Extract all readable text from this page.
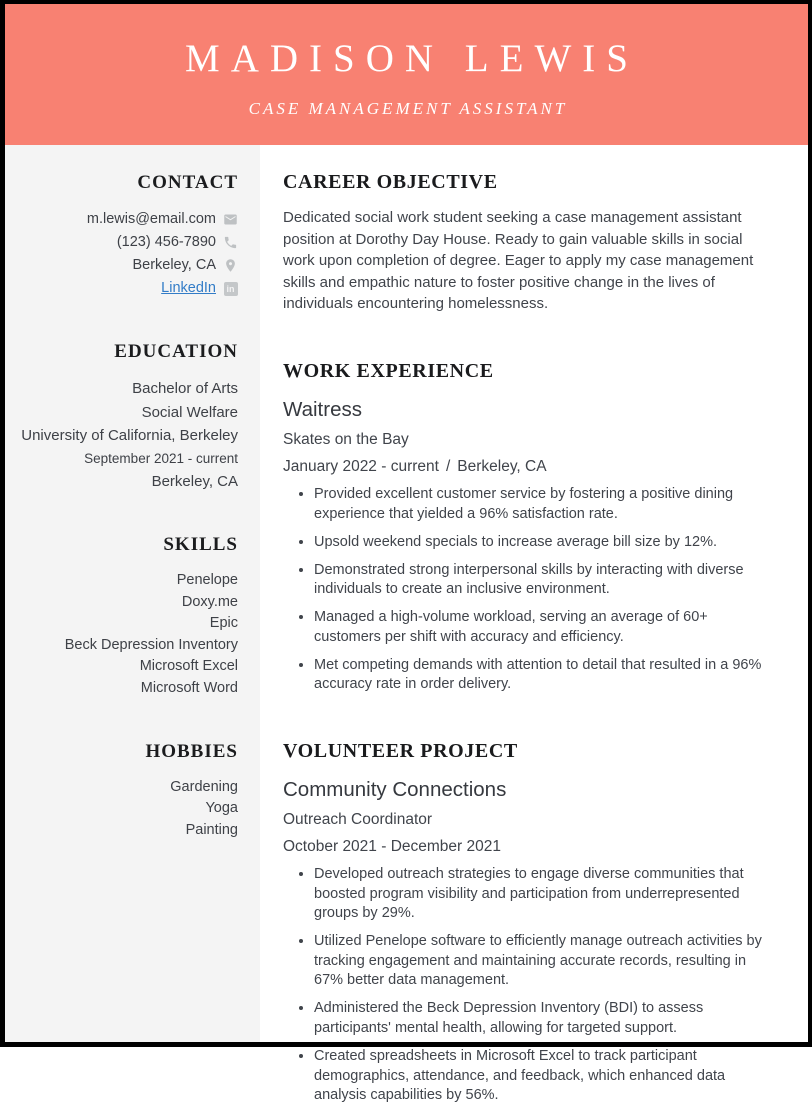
MADISON LEWIS
CASE MANAGEMENT ASSISTANT
CONTACT
m.lewis@email.com
(123) 456-7890
Berkeley, CA
LinkedIn	in
EDUCATION
Bachelor of Arts
Social Welfare
University of California, Berkeley
September 2021 - current
Berkeley, CA
SKILLS
Penelope
Doxy.me
Epic
Beck Depression Inventory
Microsoft Excel
Microsoft Word
HOBBIES
Gardening
Yoga
Painting
CAREER OBJECTIVE

Dedicated social work student seeking a case management assistant position at Dorothy Day House. Ready to gain valuable skills in social work upon completion of degree. Eager to apply my case management skills and empathic nature to foster positive change in the lives of individuals encountering homelessness.

WORK EXPERIENCE
Waitress
Skates on the Bay
January 2022 - current / Berkeley, CA
• Provided excellent customer service by fostering a positive dining experience that yielded a 96% satisfaction rate.
• Upsold weekend specials to increase average bill size by 12%.
• Demonstrated strong interpersonal skills by interacting with diverse individuals to create an inclusive environment.
• Managed a high-volume workload, serving an average of 60+ customers per shift with accuracy and efficiency.
• Met competing demands with attention to detail that resulted in a 96% accuracy rate in order delivery.
VOLUNTEER PROJECT
Community Connections
Outreach Coordinator
October 2021 - December 2021
• Developed outreach strategies to engage diverse communities that boosted program visibility and participation from underrepresented groups by 29%.
• Utilized Penelope software to efficiently manage outreach activities by tracking engagement and maintaining accurate records, resulting in 67% better data management.
• Administered the Beck Depression Inventory (BDI) to assess participants' mental health, allowing for targeted support.
• Created spreadsheets in Microsoft Excel to track participant demographics, attendance, and feedback, which enhanced data analysis capabilities by 56%.
